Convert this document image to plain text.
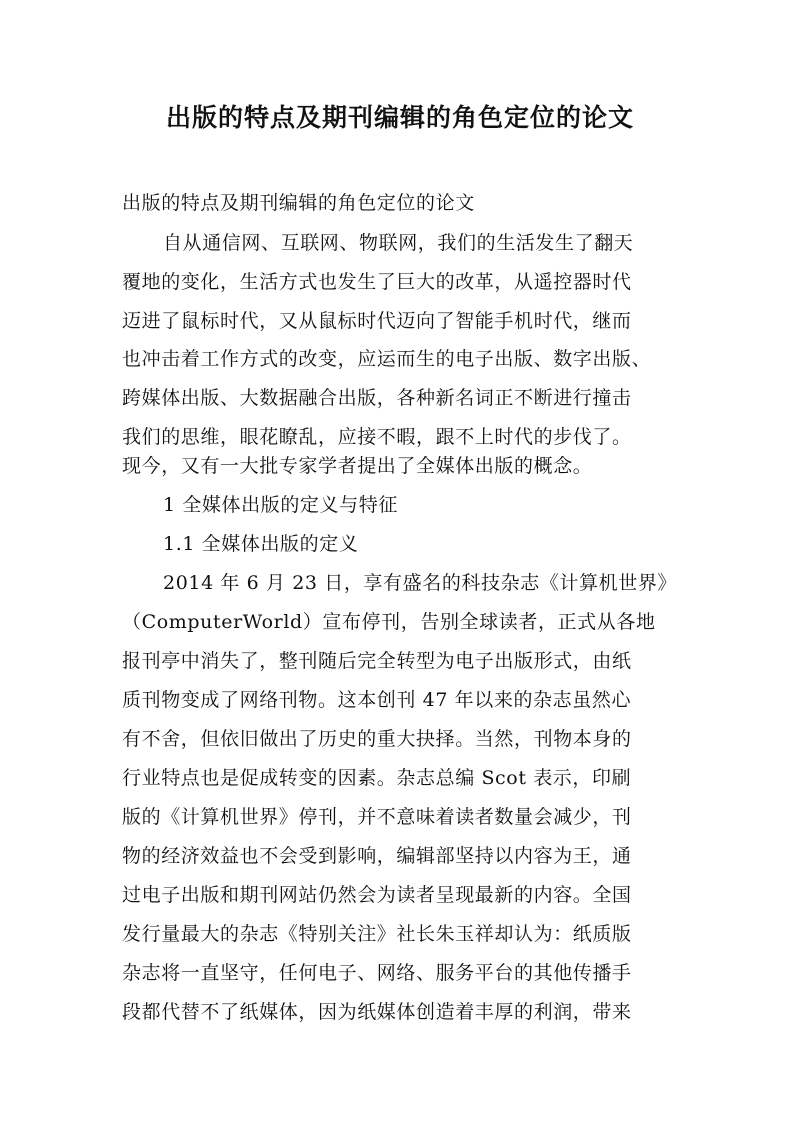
出版的特点及期刊编辑的角色定位的论文

出版的特点及期刊编辑的角色定位的论文

自从通信网、互联网、物联网，我们的生活发生了翻天

覆地的变化，生活方式也发生了巨大的改革，从遥控器时代

迈进了鼠标时代，又从鼠标时代迈向了智能手机时代，继而

也冲击着工作方式的改变，应运而生的电子出版、数字出版、

跨媒体出版、大数据融合出版，各种新名词正不断进行撞击

我们的思维，眼花瞭乱，应接不暇，跟不上时代的步伐了。

现今，又有一大批专家学者提出了全媒体出版的概念。

1 全媒体出版的定义与特征

1.1 全媒体出版的定义

2014 年 6 月 23 日，享有盛名的科技杂志《计算机世界》

（ComputerWorld）宣布停刊，告别全球读者，正式从各地

报刊亭中消失了，整刊随后完全转型为电子出版形式，由纸

质刊物变成了网络刊物。这本创刊 47 年以来的杂志虽然心

有不舍，但依旧做出了历史的重大抉择。当然，刊物本身的

行业特点也是促成转变的因素。杂志总编 Scot 表示，印刷

版的《计算机世界》停刊，并不意味着读者数量会减少，刊

物的经济效益也不会受到影响，编辑部坚持以内容为王，通

过电子出版和期刊网站仍然会为读者呈现最新的内容。全国

发行量最大的杂志《特别关注》社长朱玉祥却认为：纸质版

杂志将一直坚守，任何电子、网络、服务平台的其他传播手

段都代替不了纸媒体，因为纸媒体创造着丰厚的利润，带来
